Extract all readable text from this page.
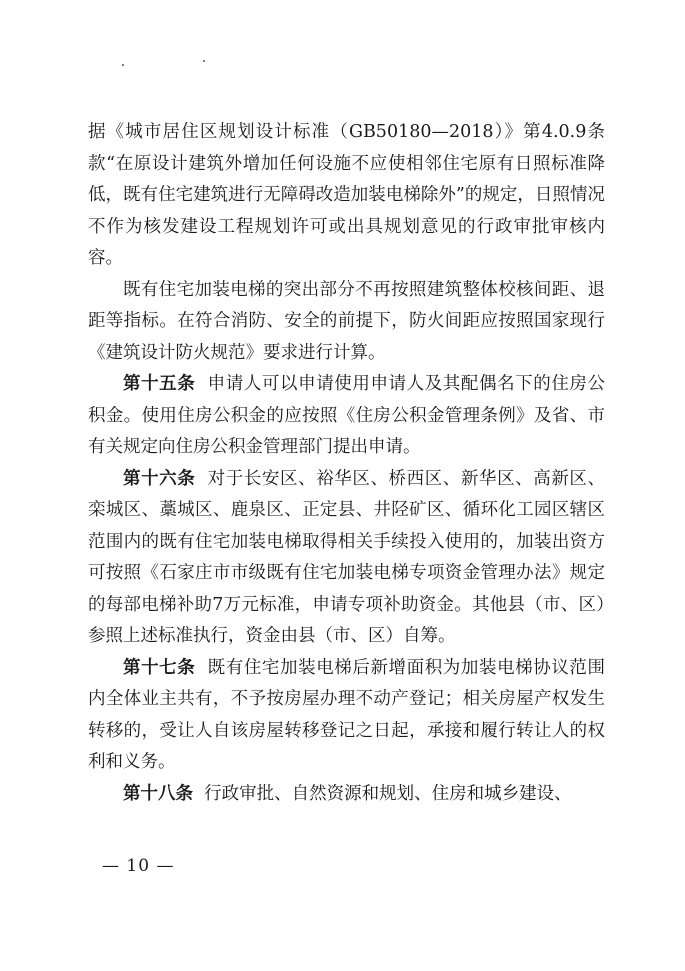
据《城市居住区规划设计标准（GB50180—2018）》第4.0.9条款“在原设计建筑外增加任何设施不应使相邻住宅原有日照标准降低，既有住宅建筑进行无障碍改造加装电梯除外”的规定，日照情况不作为核发建设工程规划许可或出具规划意见的行政审批审核内容。

既有住宅加装电梯的突出部分不再按照建筑整体校核间距、退距等指标。在符合消防、安全的前提下，防火间距应按照国家现行《建筑设计防火规范》要求进行计算。

第十五条 申请人可以申请使用申请人及其配偶名下的住房公积金。使用住房公积金的应按照《住房公积金管理条例》及省、市有关规定向住房公积金管理部门提出申请。

第十六条 对于长安区、裕华区、桥西区、新华区、高新区、栾城区、藁城区、鹿泉区、正定县、井陉矿区、循环化工园区辖区范围内的既有住宅加装电梯取得相关手续投入使用的，加装出资方可按照《石家庄市市级既有住宅加装电梯专项资金管理办法》规定的每部电梯补助7万元标准，申请专项补助资金。其他县（市、区）参照上述标准执行，资金由县（市、区）自筹。

第十七条 既有住宅加装电梯后新增面积为加装电梯协议范围内全体业主共有，不予按房屋办理不动产登记；相关房屋产权发生转移的，受让人自该房屋转移登记之日起，承接和履行转让人的权利和义务。

第十八条 行政审批、自然资源和规划、住房和城乡建设、

— 10 —
